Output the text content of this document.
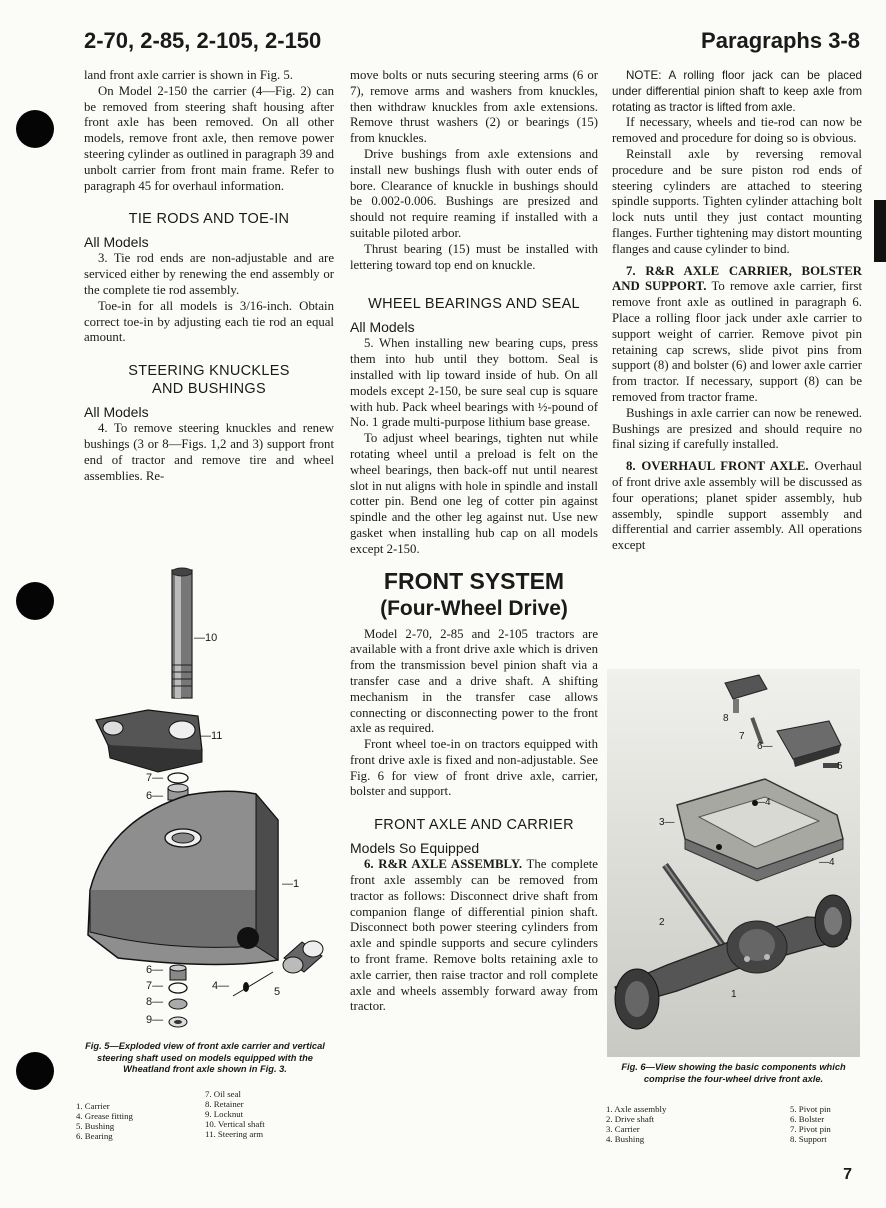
2-70, 2-85, 2-105, 2-150	Paragraphs 3-8

land front axle carrier is shown in Fig. 5.

On Model 2-150 the carrier (4—Fig. 2) can be removed from steering shaft housing after front axle has been removed. On all other models, remove front axle, then remove power steering cylinder as outlined in paragraph 39 and unbolt carrier from front main frame. Refer to paragraph 45 for overhaul information.

TIE RODS AND TOE-IN
All Models

3. Tie rod ends are non-adjustable and are serviced either by renewing the end assembly or the complete tie rod assembly.

Toe-in for all models is 3/16-inch. Obtain correct toe-in by adjusting each tie rod an equal amount.

STEERING KNUCKLES
AND BUSHINGS
All Models

4. To remove steering knuckles and renew bushings (3 or 8—Figs. 1,2 and 3) support front end of tractor and remove tire and wheel assemblies. Re-

—10
—11
7—
6—
—1
6—
7—
8—
9—
4—	5
Fig. 5—Exploded view of front axle carrier and vertical steering shaft used on models equipped with the Wheatland front axle shown in Fig. 3.
1. Carrier
4. Grease fitting
5. Bushing
6. Bearing
7. Oil seal
8. Retainer
9. Locknut
10. Vertical shaft
11. Steering arm

move bolts or nuts securing steering arms (6 or 7), remove arms and washers from knuckles, then withdraw knuckles from axle extensions. Remove thrust washers (2) or bearings (15) from knuckles.

Drive bushings from axle extensions and install new bushings flush with outer ends of bore. Clearance of knuckle in bushings should be 0.002-0.006. Bushings are presized and should not require reaming if installed with a suitable piloted arbor.

Thrust bearing (15) must be installed with lettering toward top end on knuckle.

WHEEL BEARINGS AND SEAL
All Models

5. When installing new bearing cups, press them into hub until they bottom. Seal is installed with lip toward inside of hub. On all models except 2-150, be sure seal cup is square with hub. Pack wheel bearings with ½-pound of No. 1 grade multi-purpose lithium base grease.

To adjust wheel bearings, tighten nut while rotating wheel until a preload is felt on the wheel bearings, then back-off nut until nearest slot in nut aligns with hole in spindle and install cotter pin. Bend one leg of cotter pin against spindle and the other leg against nut. Use new gasket when installing hub cap on all models except 2-150.

FRONT SYSTEM
(Four-Wheel Drive)

Model 2-70, 2-85 and 2-105 tractors are available with a front drive axle which is driven from the transmission bevel pinion shaft via a transfer case and a drive shaft. A shifting mechanism in the transfer case allows connecting or disconnecting power to the front axle as required.

Front wheel toe-in on tractors equipped with front drive axle is fixed and non-adjustable. See Fig. 6 for view of front drive axle, carrier, bolster and support.

FRONT AXLE AND CARRIER
Models So Equipped

6. R&R AXLE ASSEMBLY. The complete front axle assembly can be removed from tractor as follows: Disconnect drive shaft from companion flange of differential pinion shaft. Disconnect both power steering cylinders from axle and spindle supports and secure cylinders to front frame. Remove bolts retaining axle to axle carrier, then raise tractor and roll complete axle and wheels assembly forward away from tractor.

NOTE: A rolling floor jack can be placed under differential pinion shaft to keep axle from rotating as tractor is lifted from axle.

If necessary, wheels and tie-rod can now be removed and procedure for doing so is obvious.

Reinstall axle by reversing removal procedure and be sure piston rod ends of steering cylinders are attached to steering spindle supports. Tighten cylinder attaching bolt lock nuts until they just contact mounting flanges. Further tightening may distort mounting flanges and cause cylinder to bind.

7. R&R AXLE CARRIER, BOLSTER AND SUPPORT. To remove axle carrier, first remove front axle as outlined in paragraph 6. Place a rolling floor jack under axle carrier to support weight of carrier. Remove pivot pin retaining cap screws, slide pivot pins from support (8) and bolster (6) and lower axle carrier from tractor. If necessary, support (8) can be removed from tractor frame.

Bushings in axle carrier can now be renewed. Bushings are presized and should require no final sizing if carefully installed.

8. OVERHAUL FRONT AXLE. Overhaul of front drive axle assembly will be discussed as four operations; planet spider assembly, hub assembly, spindle support assembly and differential and carrier assembly. All operations except

1
2
3—
—4
—4
5
6—
7
8
Fig. 6—View showing the basic components which comprise the four-wheel drive front axle.
1. Axle assembly
2. Drive shaft
3. Carrier
4. Bushing
5. Pivot pin
6. Bolster
7. Pivot pin
8. Support
7
